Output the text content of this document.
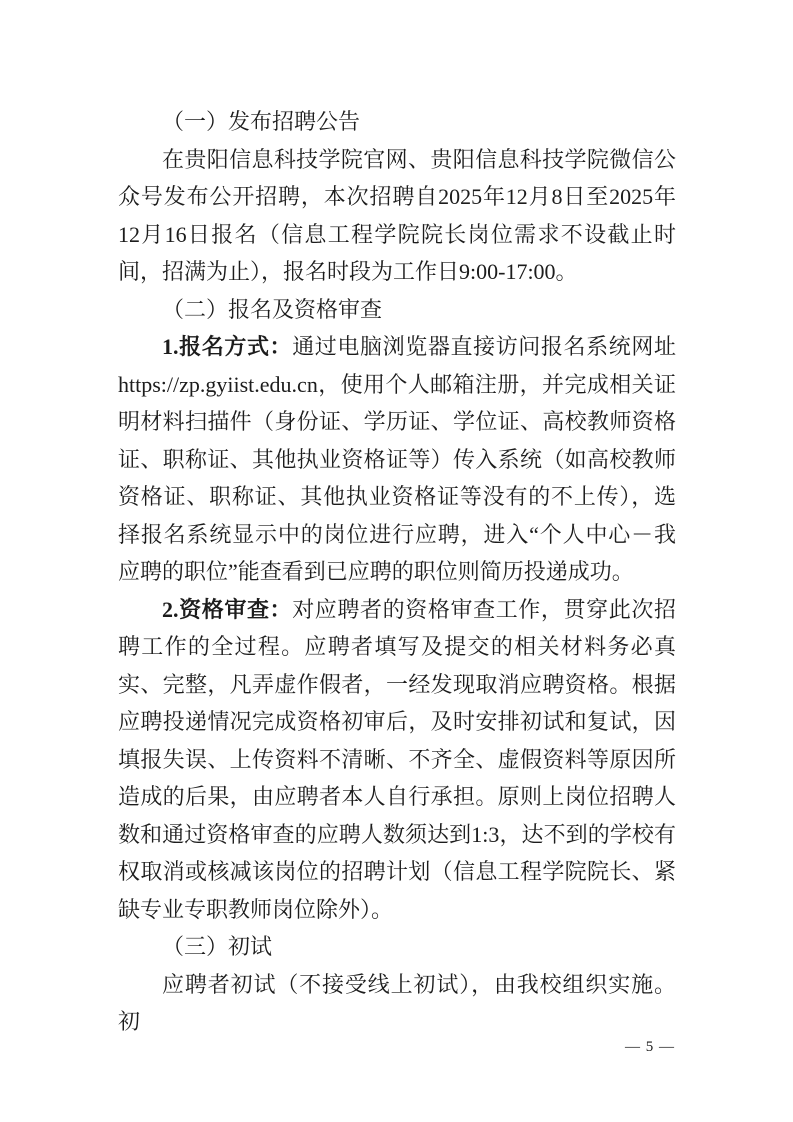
（一）发布招聘公告

在贵阳信息科技学院官网、贵阳信息科技学院微信公众号发布公开招聘，本次招聘自2025年12月8日至2025年12月16日报名（信息工程学院院长岗位需求不设截止时间，招满为止），报名时段为工作日9:00-17:00。

（二）报名及资格审查

1.报名方式：通过电脑浏览器直接访问报名系统网址https://zp.gyiist.edu.cn，使用个人邮箱注册，并完成相关证明材料扫描件（身份证、学历证、学位证、高校教师资格证、职称证、其他执业资格证等）传入系统（如高校教师资格证、职称证、其他执业资格证等没有的不上传），选择报名系统显示中的岗位进行应聘，进入“个人中心－我应聘的职位”能查看到已应聘的职位则简历投递成功。

2.资格审查：对应聘者的资格审查工作，贯穿此次招聘工作的全过程。应聘者填写及提交的相关材料务必真实、完整，凡弄虚作假者，一经发现取消应聘资格。根据应聘投递情况完成资格初审后，及时安排初试和复试，因填报失误、上传资料不清晰、不齐全、虚假资料等原因所造成的后果，由应聘者本人自行承担。原则上岗位招聘人数和通过资格审查的应聘人数须达到1:3，达不到的学校有权取消或核减该岗位的招聘计划（信息工程学院院长、紧缺专业专职教师岗位除外）。

（三）初试

应聘者初试（不接受线上初试），由我校组织实施。初

— 5 —
